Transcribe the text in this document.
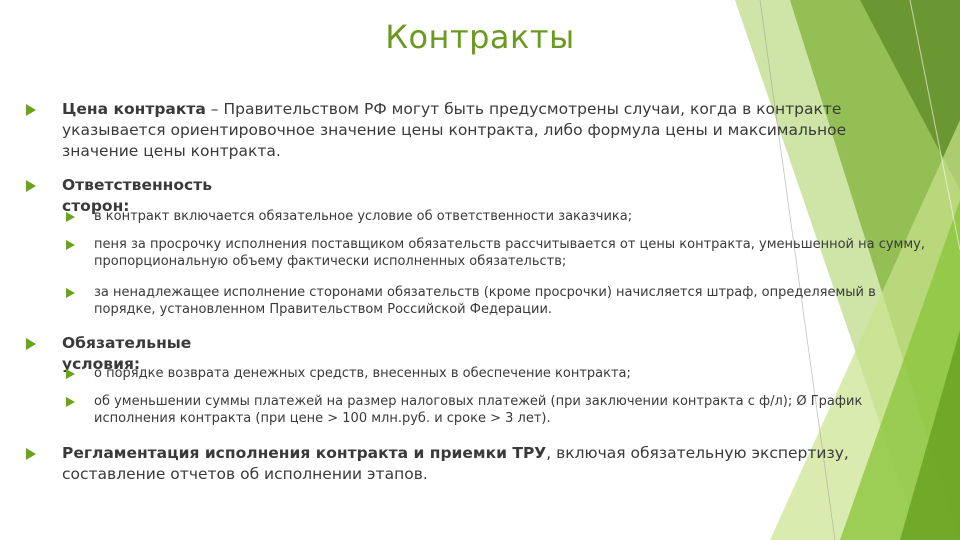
Контракты
Цена контракта – Правительством РФ могут быть предусмотрены случаи, когда в контракте указывается ориентировочное значение цены контракта, либо формула цены и максимальное значение цены контракта.
Ответственность сторон:
в контракт включается обязательное условие об ответственности заказчика;
пеня за просрочку исполнения поставщиком обязательств рассчитывается от цены контракта, уменьшенной на сумму, пропорциональную объему фактически исполненных обязательств;
за ненадлежащее исполнение сторонами обязательств (кроме просрочки) начисляется штраф, определяемый в порядке, установленном Правительством Российской Федерации.
Обязательные условия:
о порядке возврата денежных средств, внесенных в обеспечение контракта;
об уменьшении суммы платежей на размер налоговых платежей (при заключении контракта с ф/л); Ø График исполнения контракта (при цене > 100 млн.руб. и сроке > 3 лет).
Регламентация исполнения контракта и приемки ТРУ, включая обязательную экспертизу, составление отчетов об исполнении этапов.
